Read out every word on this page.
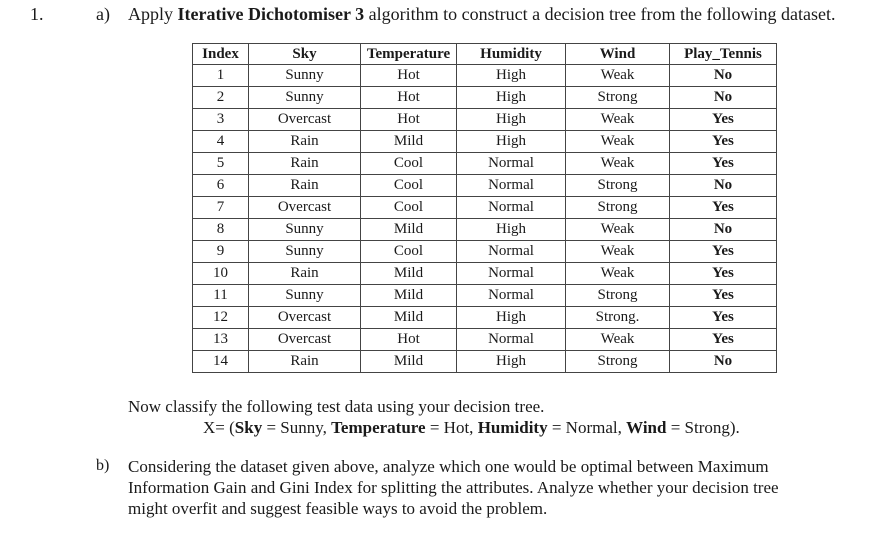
1.	a) Apply Iterative Dichotomiser 3 algorithm to construct a decision tree from the following dataset.
Index	Sky	Temperature	Humidity	Wind	Play_Tennis
1	Sunny	Hot	High	Weak	No
2	Sunny	Hot	High	Strong	No
3	Overcast	Hot	High	Weak	Yes
4	Rain	Mild	High	Weak	Yes
5	Rain	Cool	Normal	Weak	Yes
6	Rain	Cool	Normal	Strong	No
7	Overcast	Cool	Normal	Strong	Yes
8	Sunny	Mild	High	Weak	No
9	Sunny	Cool	Normal	Weak	Yes
10	Rain	Mild	Normal	Weak	Yes
11	Sunny	Mild	Normal	Strong	Yes
12	Overcast	Mild	High	Strong.	Yes
13	Overcast	Hot	Normal	Weak	Yes
14	Rain	Mild	High	Strong	No
Now classify the following test data using your decision tree.
X= (Sky = Sunny, Temperature = Hot, Humidity = Normal, Wind = Strong).
b) Considering the dataset given above, analyze which one would be optimal between Maximum
Information Gain and Gini Index for splitting the attributes. Analyze whether your decision tree
might overfit and suggest feasible ways to avoid the problem.
